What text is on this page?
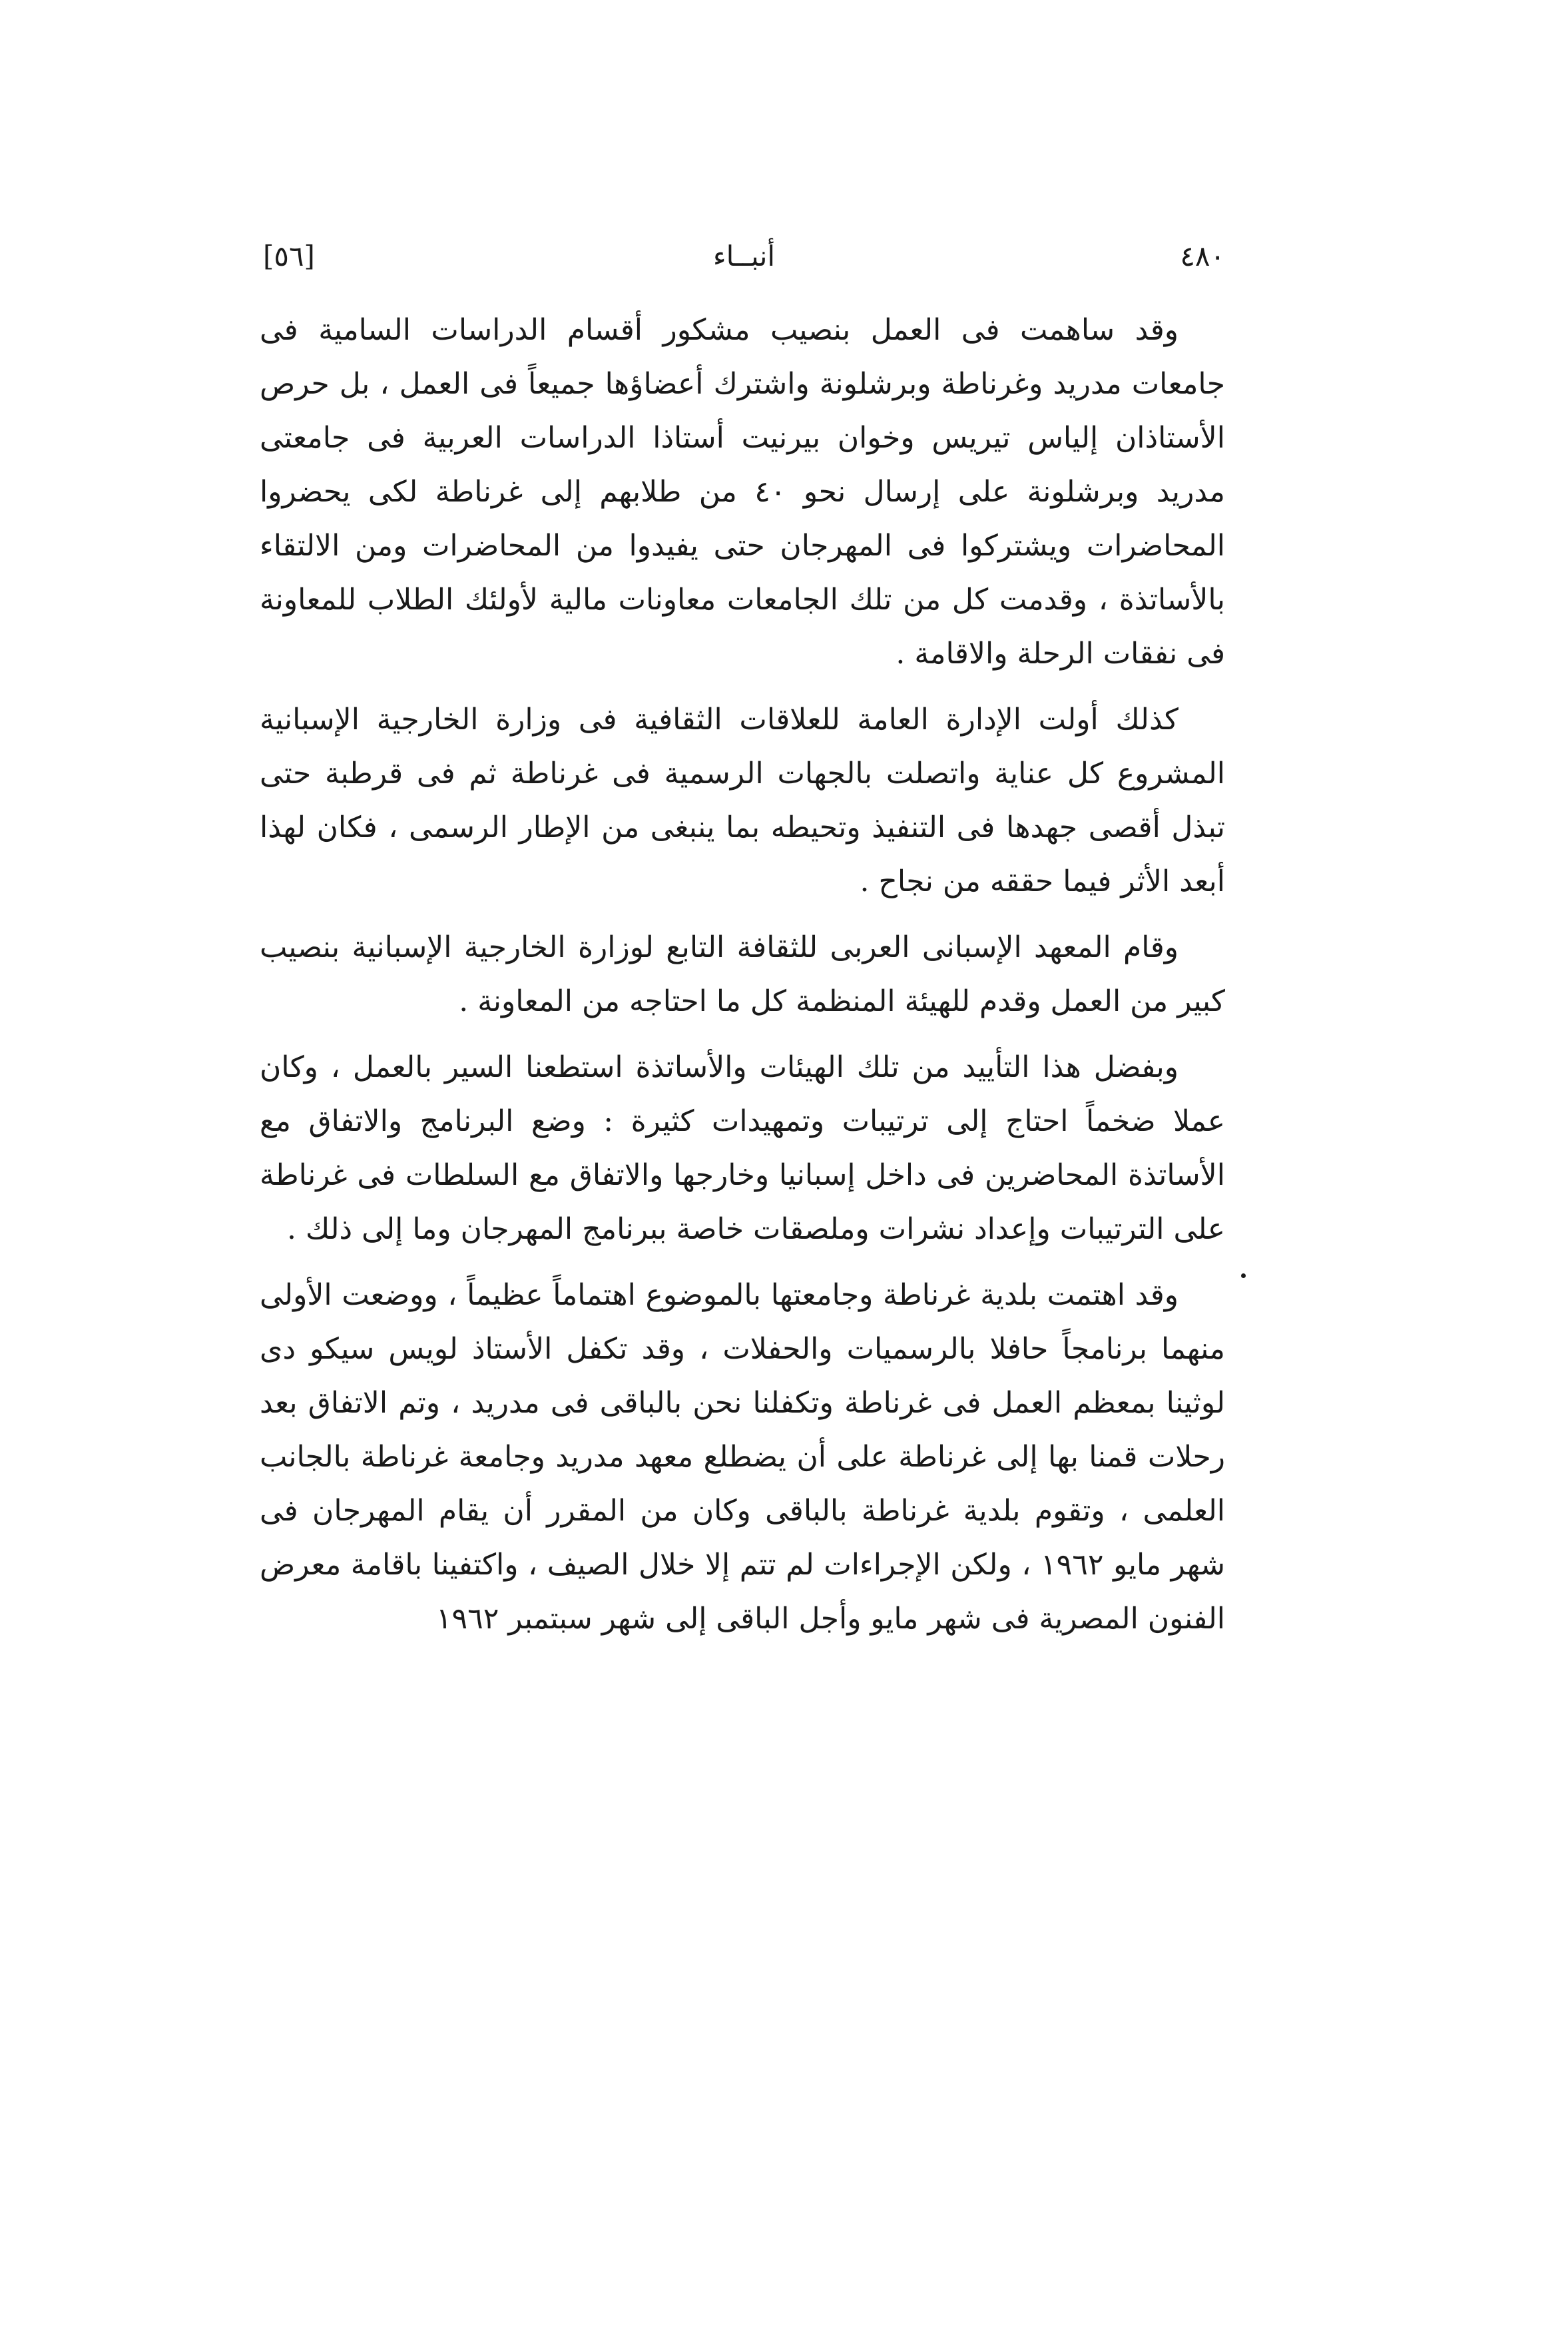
[٥٦]	أنبــاء	٤٨٠

وقد ساهمت فى العمل بنصيب مشكور أقسام الدراسات السامية فى جامعات مدريد وغرناطة وبرشلونة واشترك أعضاؤها جميعاً فى العمل ، بل حرص الأستاذان إلياس تيريس وخوان بيرنيت أستاذا الدراسات العربية فى جامعتى مدريد وبرشلونة على إرسال نحو ٤٠ من طلابهم إلى غرناطة لكى يحضروا المحاضرات ويشتركوا فى المهرجان حتى يفيدوا من المحاضرات ومن الالتقاء بالأساتذة ، وقدمت كل من تلك الجامعات معاونات مالية لأولئك الطلاب للمعاونة فى نفقات الرحلة والاقامة .

كذلك أولت الإدارة العامة للعلاقات الثقافية فى وزارة الخارجية الإسبانية المشروع كل عناية واتصلت بالجهات الرسمية فى غرناطة ثم فى قرطبة حتى تبذل أقصى جهدها فى التنفيذ وتحيطه بما ينبغى من الإطار الرسمى ، فكان لهذا أبعد الأثر فيما حققه من نجاح .

وقام المعهد الإسبانى العربى للثقافة التابع لوزارة الخارجية الإسبانية بنصيب كبير من العمل وقدم للهيئة المنظمة كل ما احتاجه من المعاونة .

وبفضل هذا التأييد من تلك الهيئات والأساتذة استطعنا السير بالعمل ، وكان عملا ضخماً احتاج إلى ترتيبات وتمهيدات كثيرة : وضع البرنامج والاتفاق مع الأساتذة المحاضرين فى داخل إسبانيا وخارجها والاتفاق مع السلطات فى غرناطة على الترتيبات وإعداد نشرات وملصقات خاصة ببرنامج المهرجان وما إلى ذلك .

وقد اهتمت بلدية غرناطة وجامعتها بالموضوع اهتماماً عظيماً ، ووضعت الأولى منهما برنامجاً حافلا بالرسميات والحفلات ، وقد تكفل الأستاذ لويس سيكو دى لوثينا بمعظم العمل فى غرناطة وتكفلنا نحن بالباقى فى مدريد ، وتم الاتفاق بعد رحلات قمنا بها إلى غرناطة على أن يضطلع معهد مدريد وجامعة غرناطة بالجانب العلمى ، وتقوم بلدية غرناطة بالباقى وكان من المقرر أن يقام المهرجان فى شهر مايو ١٩٦٢ ، ولكن الإجراءات لم تتم إلا خلال الصيف ، واكتفينا باقامة معرض الفنون المصرية فى شهر مايو وأجل الباقى إلى شهر سبتمبر ١٩٦٢
